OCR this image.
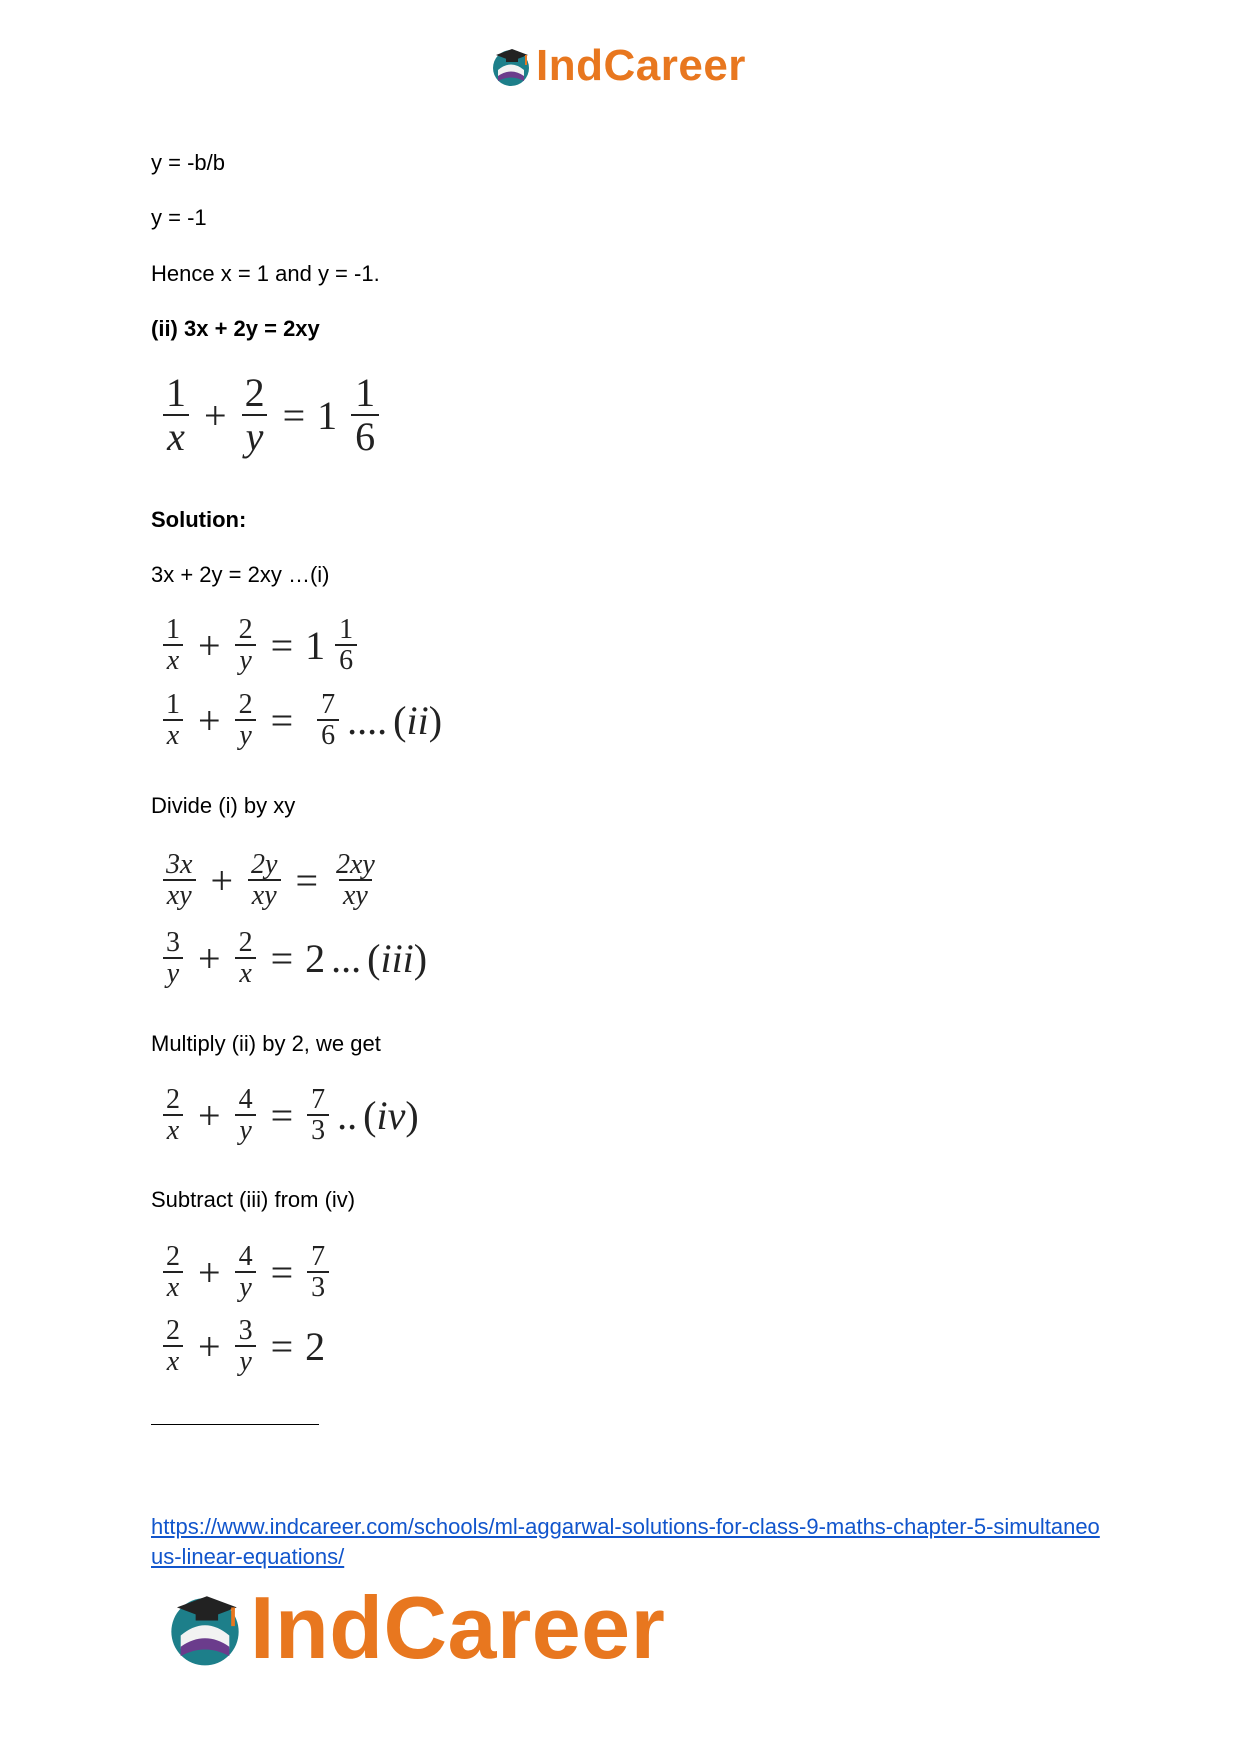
IndCareer
y = -b/b
y = -1
Hence x = 1 and y = -1.
(ii) 3x + 2y = 2xy
$\frac{1}{x} + \frac{2}{y} = 1 \frac{1}{6}$
Solution:
3x + 2y = 2xy …(i)
$\frac{1}{x} + \frac{2}{y} = 1 \frac{1}{6}$
$\frac{1}{x} + \frac{2}{y} = \frac{7}{6}$ .... (ii)
Divide (i) by xy
$\frac{3x}{xy} + \frac{2y}{xy} = \frac{2xy}{xy}$
$\frac{3}{y} + \frac{2}{x} = 2$ ... (iii)
Multiply (ii) by 2, we get
$\frac{2}{x} + \frac{4}{y} = \frac{7}{3}$ .. (iv)
Subtract (iii) from (iv)
$\frac{2}{x} + \frac{4}{y} = \frac{7}{3}$
$\frac{2}{x} + \frac{3}{y} = 2$
https://www.indcareer.com/schools/ml-aggarwal-solutions-for-class-9-maths-chapter-5-simultaneous-linear-equations/
IndCareer
